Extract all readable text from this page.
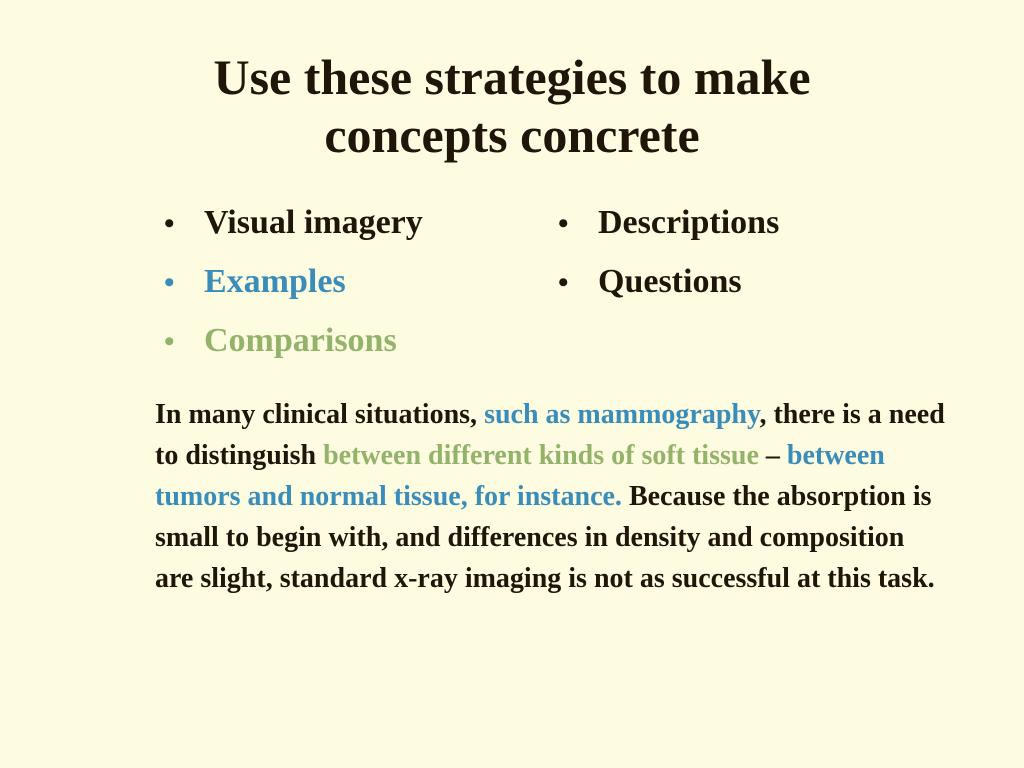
Use these strategies to make
concepts concrete
• Visual imagery
• Examples
• Comparisons
• Descriptions
• Questions

In many clinical situations, such as mammography, there is a need to distinguish between different kinds of soft tissue – between tumors and normal tissue, for instance. Because the absorption is small to begin with, and differences in density and composition are slight, standard x-ray imaging is not as successful at this task.
